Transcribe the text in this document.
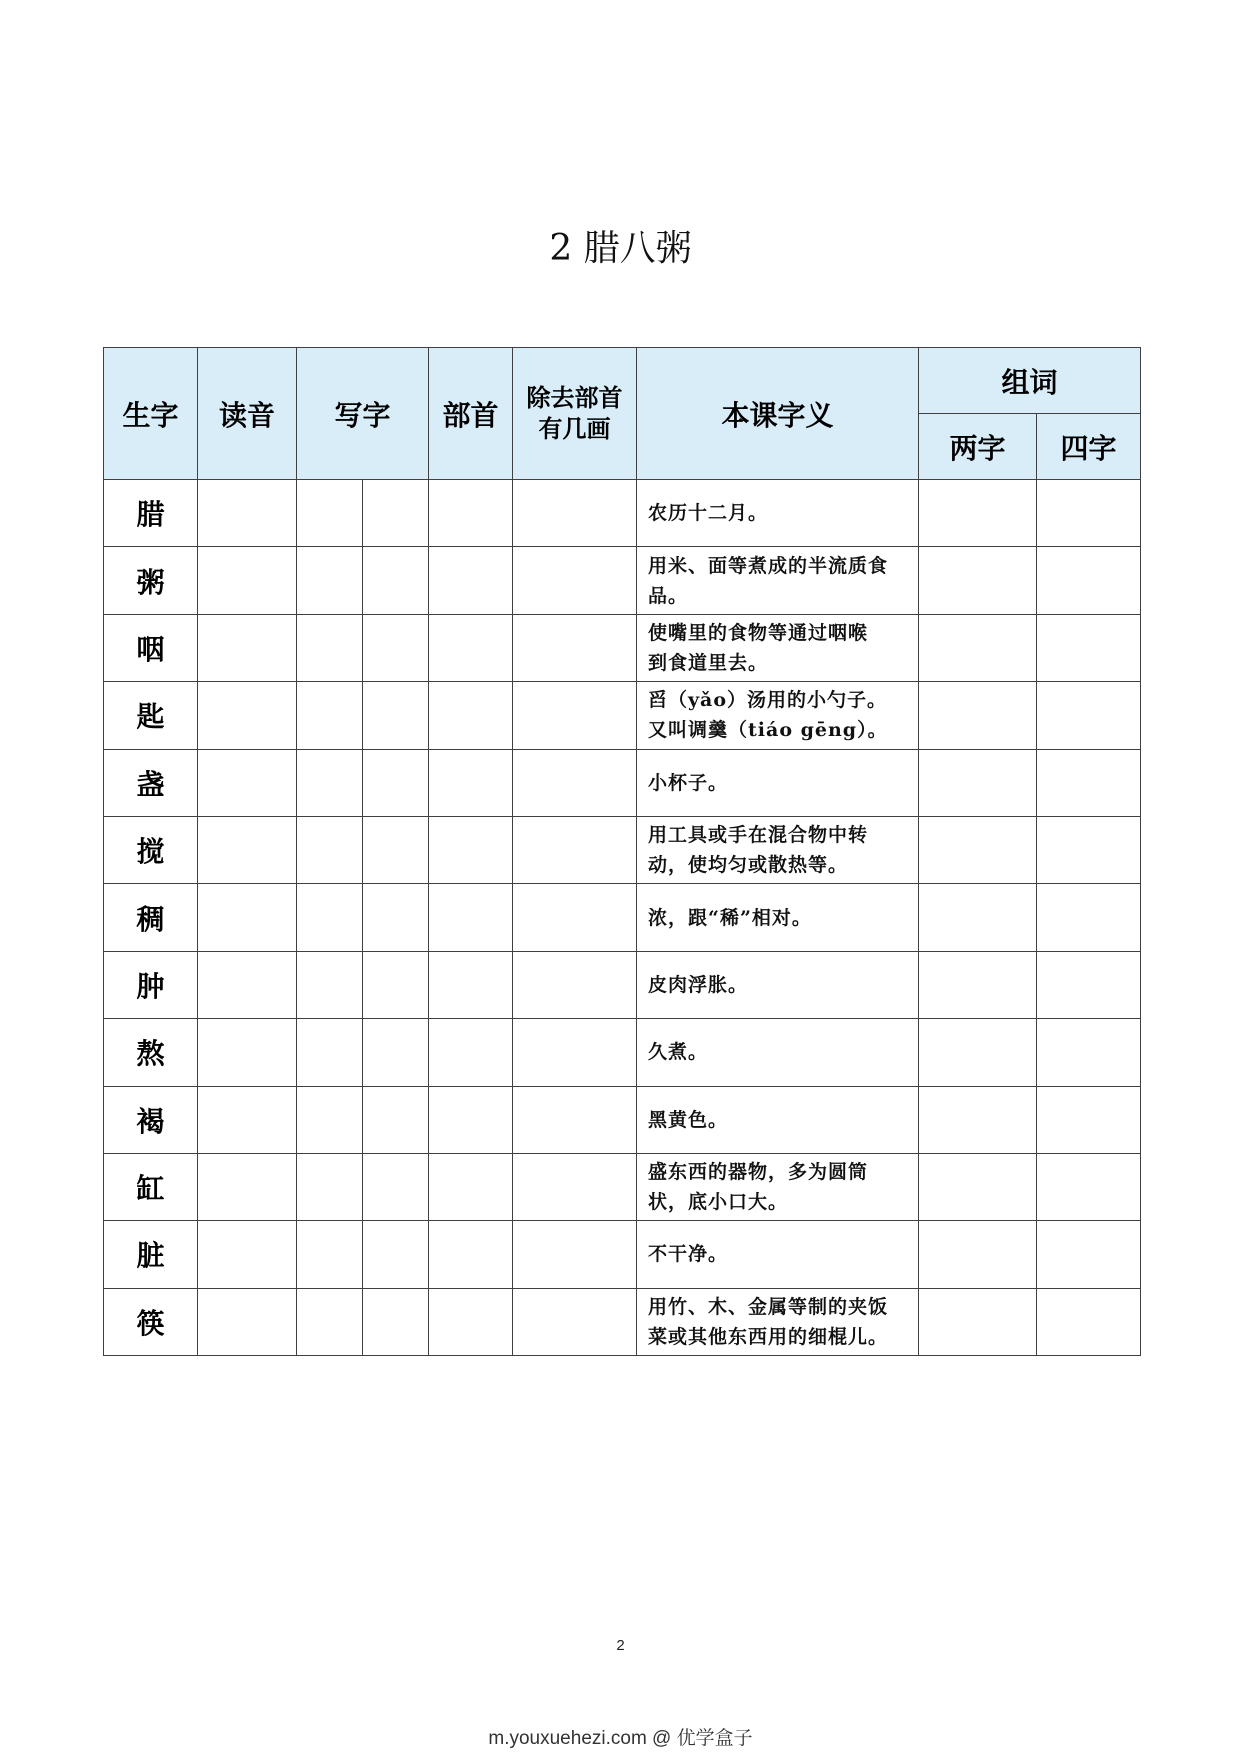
2 腊八粥
生字	读音	写字		部首	除去部首
有几画	本课字义	组词	
							两字	四字
腊						农历十二月。		

粥						用米、面等煮成的半流质食
品。		

咽						使嘴里的食物等通过咽喉
到食道里去。		

匙						舀（yǎo）汤用的小勺子。
又叫调羹（tiáo gēng）。		

盏						小杯子。		

搅						用工具或手在混合物中转
动，使均匀或散热等。		

稠						浓，跟“稀”相对。		

肿						皮肉浮胀。		

熬						久煮。		

褐						黑黄色。		

缸						盛东西的器物，多为圆筒
状，底小口大。		

脏						不干净。		

筷						用竹、木、金属等制的夹饭
菜或其他东西用的细棍儿。		

2
m.youxuehezi.com @ 优学盒子
